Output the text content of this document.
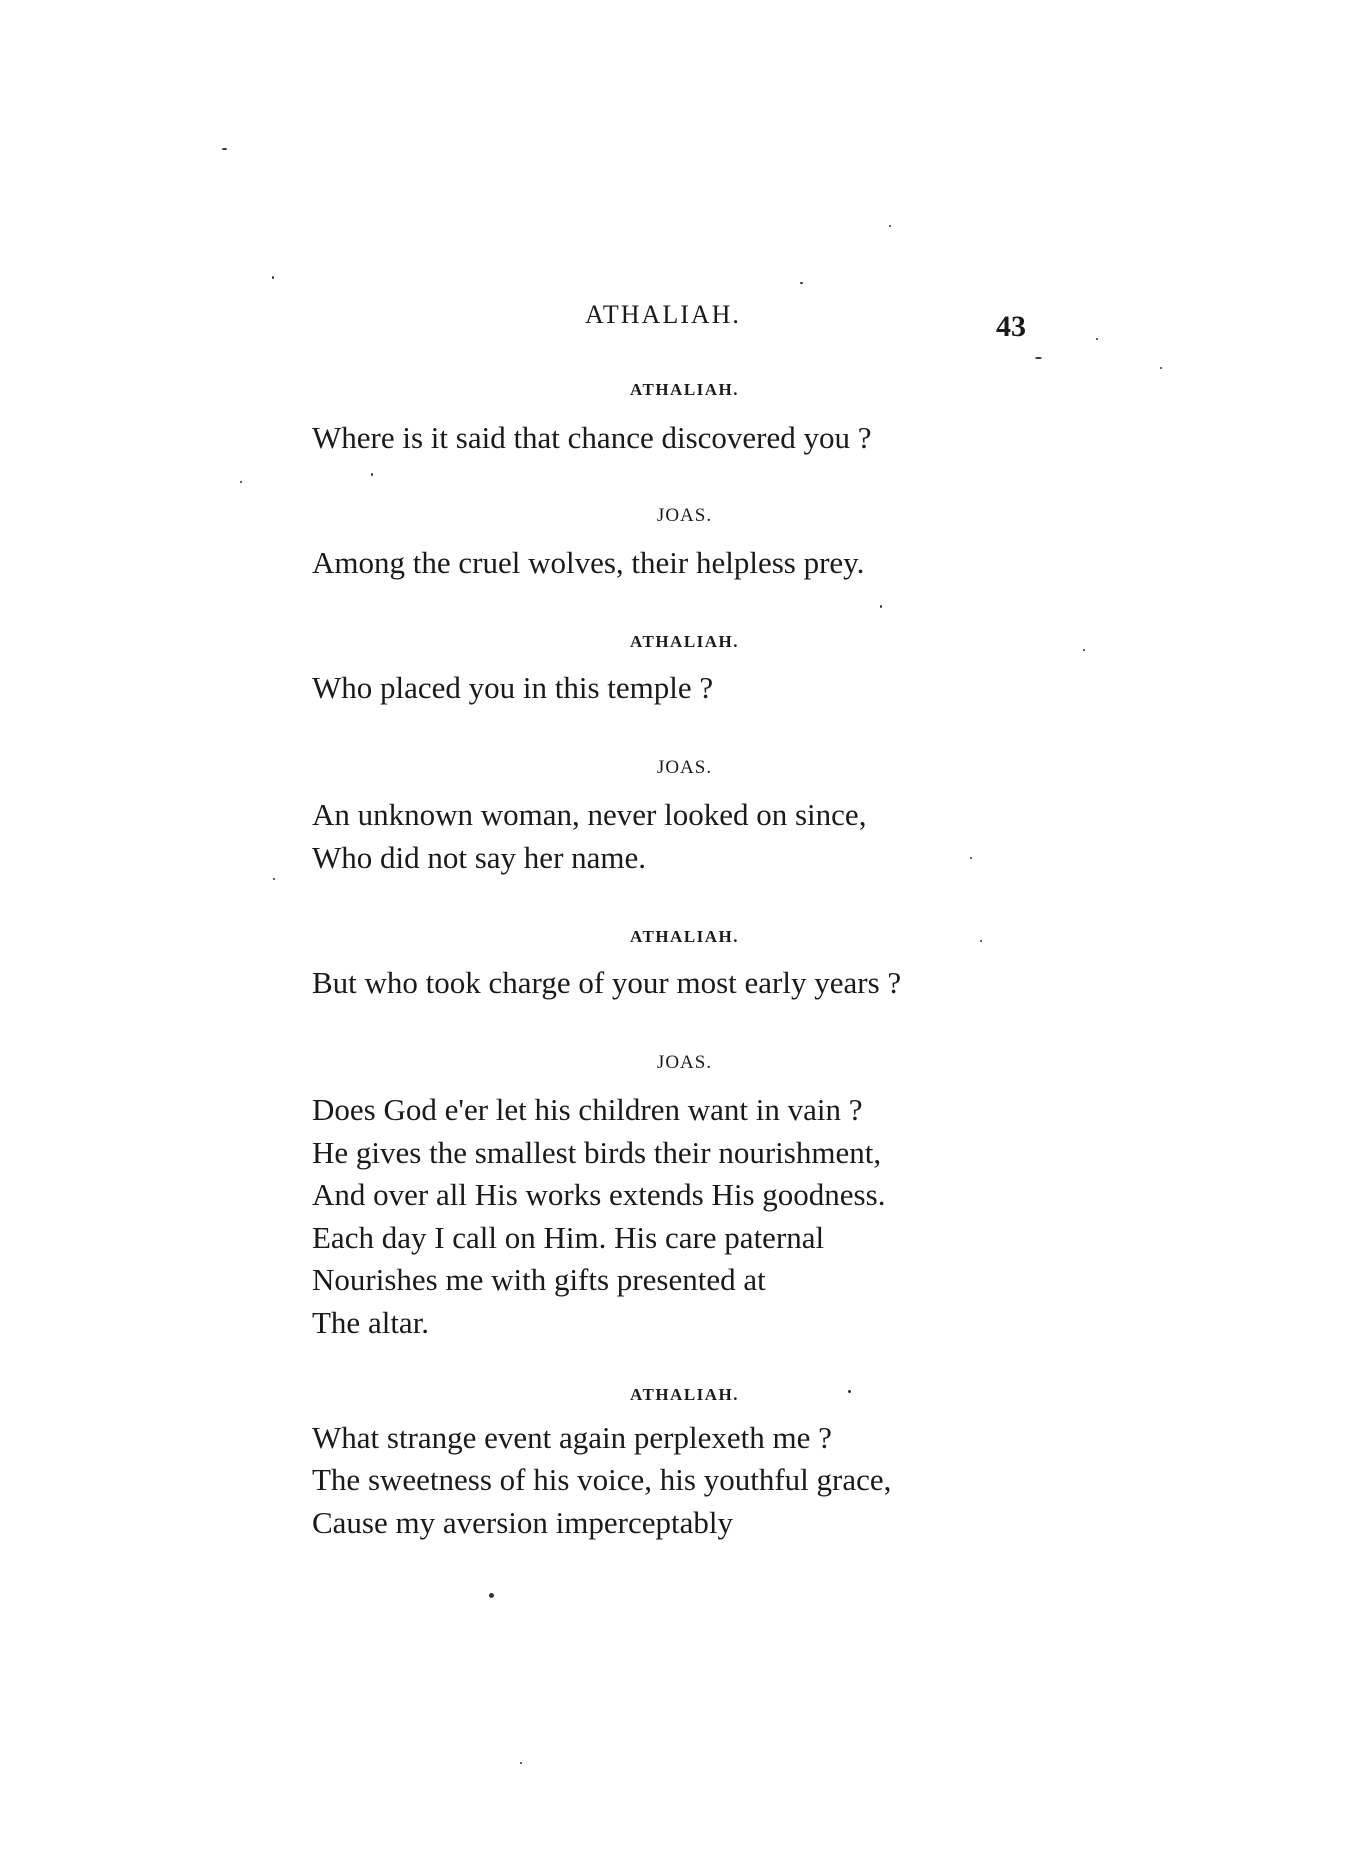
ATHALIAH.	43
ATHALIAH.
Where is it said that chance discovered you ?
JOAS.
Among the cruel wolves, their helpless prey.
ATHALIAH.
Who placed you in this temple ?
JOAS.
An unknown woman, never looked on since,
Who did not say her name.
ATHALIAH.
But who took charge of your most early years ?
JOAS.
Does God e'er let his children want in vain ?
He gives the smallest birds their nourishment,
And over all His works extends His goodness.
Each day I call on Him. His care paternal
Nourishes me with gifts presented at
The altar.
ATHALIAH.
What strange event again perplexeth me ?
The sweetness of his voice, his youthful grace,
Cause my aversion imperceptably
